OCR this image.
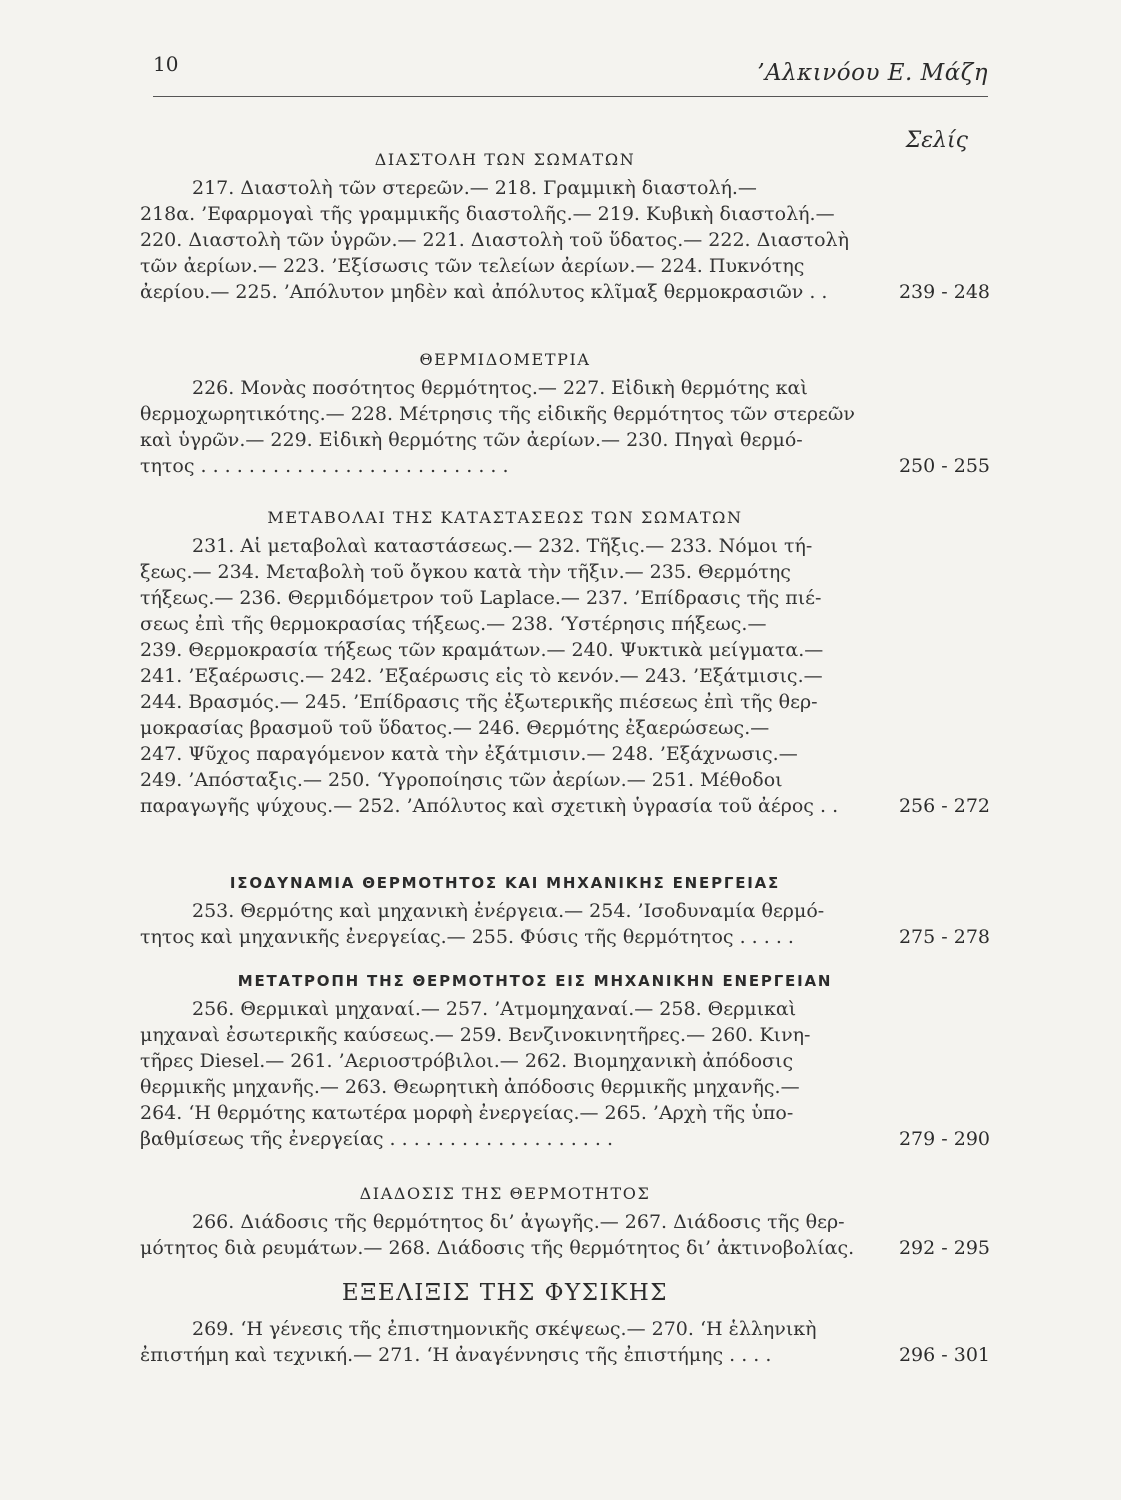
10	’Αλκινόου Ε. Μάζη
Σελίς
ΔΙΑΣΤΟΛΗ ΤΩΝ ΣΩΜΑΤΩΝ
217. Διαστολὴ τῶν στερεῶν.— 218. Γραμμικὴ διαστολή.—
218α. ’Εφαρμογαὶ τῆς γραμμικῆς διαστολῆς.— 219. Κυβικὴ διαστολή.—
220. Διαστολὴ τῶν ὑγρῶν.— 221. Διαστολὴ τοῦ ὕδατος.— 222. Διαστολὴ
τῶν ἀερίων.— 223. ’Εξίσωσις τῶν τελείων ἀερίων.— 224. Πυκνότης
ἀερίου.— 225. ’Απόλυτον μηδὲν καὶ ἀπόλυτος κλῖμαξ θερμοκρασιῶν . .	239 - 248
ΘΕΡΜΙΔΟΜΕΤΡΙΑ
226. Μονὰς ποσότητος θερμότητος.— 227. Εἰδικὴ θερμότης καὶ
θερμοχωρητικότης.— 228. Μέτρησις τῆς εἰδικῆς θερμότητος τῶν στερεῶν
καὶ ὑγρῶν.— 229. Εἰδικὴ θερμότης τῶν ἀερίων.— 230. Πηγαὶ θερμό-
τητος . . . . . . . . . . . . . . . . . . . . . . . . . .	250 - 255
ΜΕΤΑΒΟΛΑΙ ΤΗΣ ΚΑΤΑΣΤΑΣΕΩΣ ΤΩΝ ΣΩΜΑΤΩΝ
231. Αἱ μεταβολαὶ καταστάσεως.— 232. Τῆξις.— 233. Νόμοι τή-
ξεως.— 234. Μεταβολὴ τοῦ ὄγκου κατὰ τὴν τῆξιν.— 235. Θερμότης
τήξεως.— 236. Θερμιδόμετρον τοῦ Laplace.— 237. ’Επίδρασις τῆς πιέ-
σεως ἐπὶ τῆς θερμοκρασίας τήξεως.— 238. ‘Υστέρησις πήξεως.—
239. Θερμοκρασία τήξεως τῶν κραμάτων.— 240. Ψυκτικὰ μείγματα.—
241. ’Εξαέρωσις.— 242. ’Εξαέρωσις εἰς τὸ κενόν.— 243. ’Εξάτμισις.—
244. Βρασμός.— 245. ’Επίδρασις τῆς ἐξωτερικῆς πιέσεως ἐπὶ τῆς θερ-
μοκρασίας βρασμοῦ τοῦ ὕδατος.— 246. Θερμότης ἐξαερώσεως.—
247. Ψῦχος παραγόμενον κατὰ τὴν ἐξάτμισιν.— 248. ’Εξάχνωσις.—
249. ’Απόσταξις.— 250. ‘Υγροποίησις τῶν ἀερίων.— 251. Μέθοδοι
παραγωγῆς ψύχους.— 252. ’Απόλυτος καὶ σχετικὴ ὑγρασία τοῦ ἀέρος . .	256 - 272
ΙΣΟΔΥΝΑΜΙΑ ΘΕΡΜΟΤΗΤΟΣ ΚΑΙ ΜΗΧΑΝΙΚΗΣ ΕΝΕΡΓΕΙΑΣ
253. Θερμότης καὶ μηχανικὴ ἐνέργεια.— 254. ’Ισοδυναμία θερμό-
τητος καὶ μηχανικῆς ἐνεργείας.— 255. Φύσις τῆς θερμότητος . . . . .	275 - 278
ΜΕΤΑΤΡΟΠΗ ΤΗΣ ΘΕΡΜΟΤΗΤΟΣ ΕΙΣ ΜΗΧΑΝΙΚΗΝ ΕΝΕΡΓΕΙΑΝ
256. Θερμικαὶ μηχαναί.— 257. ’Ατμομηχαναί.— 258. Θερμικαὶ
μηχαναὶ ἐσωτερικῆς καύσεως.— 259. Βενζινοκινητῆρες.— 260. Κινη-
τῆρες Diesel.— 261. ’Αεριοστρόβιλοι.— 262. Βιομηχανικὴ ἀπόδοσις
θερμικῆς μηχανῆς.— 263. Θεωρητικὴ ἀπόδοσις θερμικῆς μηχανῆς.—
264. ‘Η θερμότης κατωτέρα μορφὴ ἐνεργείας.— 265. ’Αρχὴ τῆς ὑπο-
βαθμίσεως τῆς ἐνεργείας . . . . . . . . . . . . . . . . . . .	279 - 290
ΔΙΑΔΟΣΙΣ ΤΗΣ ΘΕΡΜΟΤΗΤΟΣ
266. Διάδοσις τῆς θερμότητος δι’ ἀγωγῆς.— 267. Διάδοσις τῆς θερ-
μότητος διὰ ρευμάτων.— 268. Διάδοσις τῆς θερμότητος δι’ ἀκτινοβολίας.	292 - 295
ΕΞΕΛΙΞΙΣ ΤΗΣ ΦΥΣΙΚΗΣ
269. ‘Η γένεσις τῆς ἐπιστημονικῆς σκέψεως.— 270. ‘Η ἑλληνικὴ
ἐπιστήμη καὶ τεχνική.— 271. ‘Η ἀναγέννησις τῆς ἐπιστήμης . . . .	296 - 301
